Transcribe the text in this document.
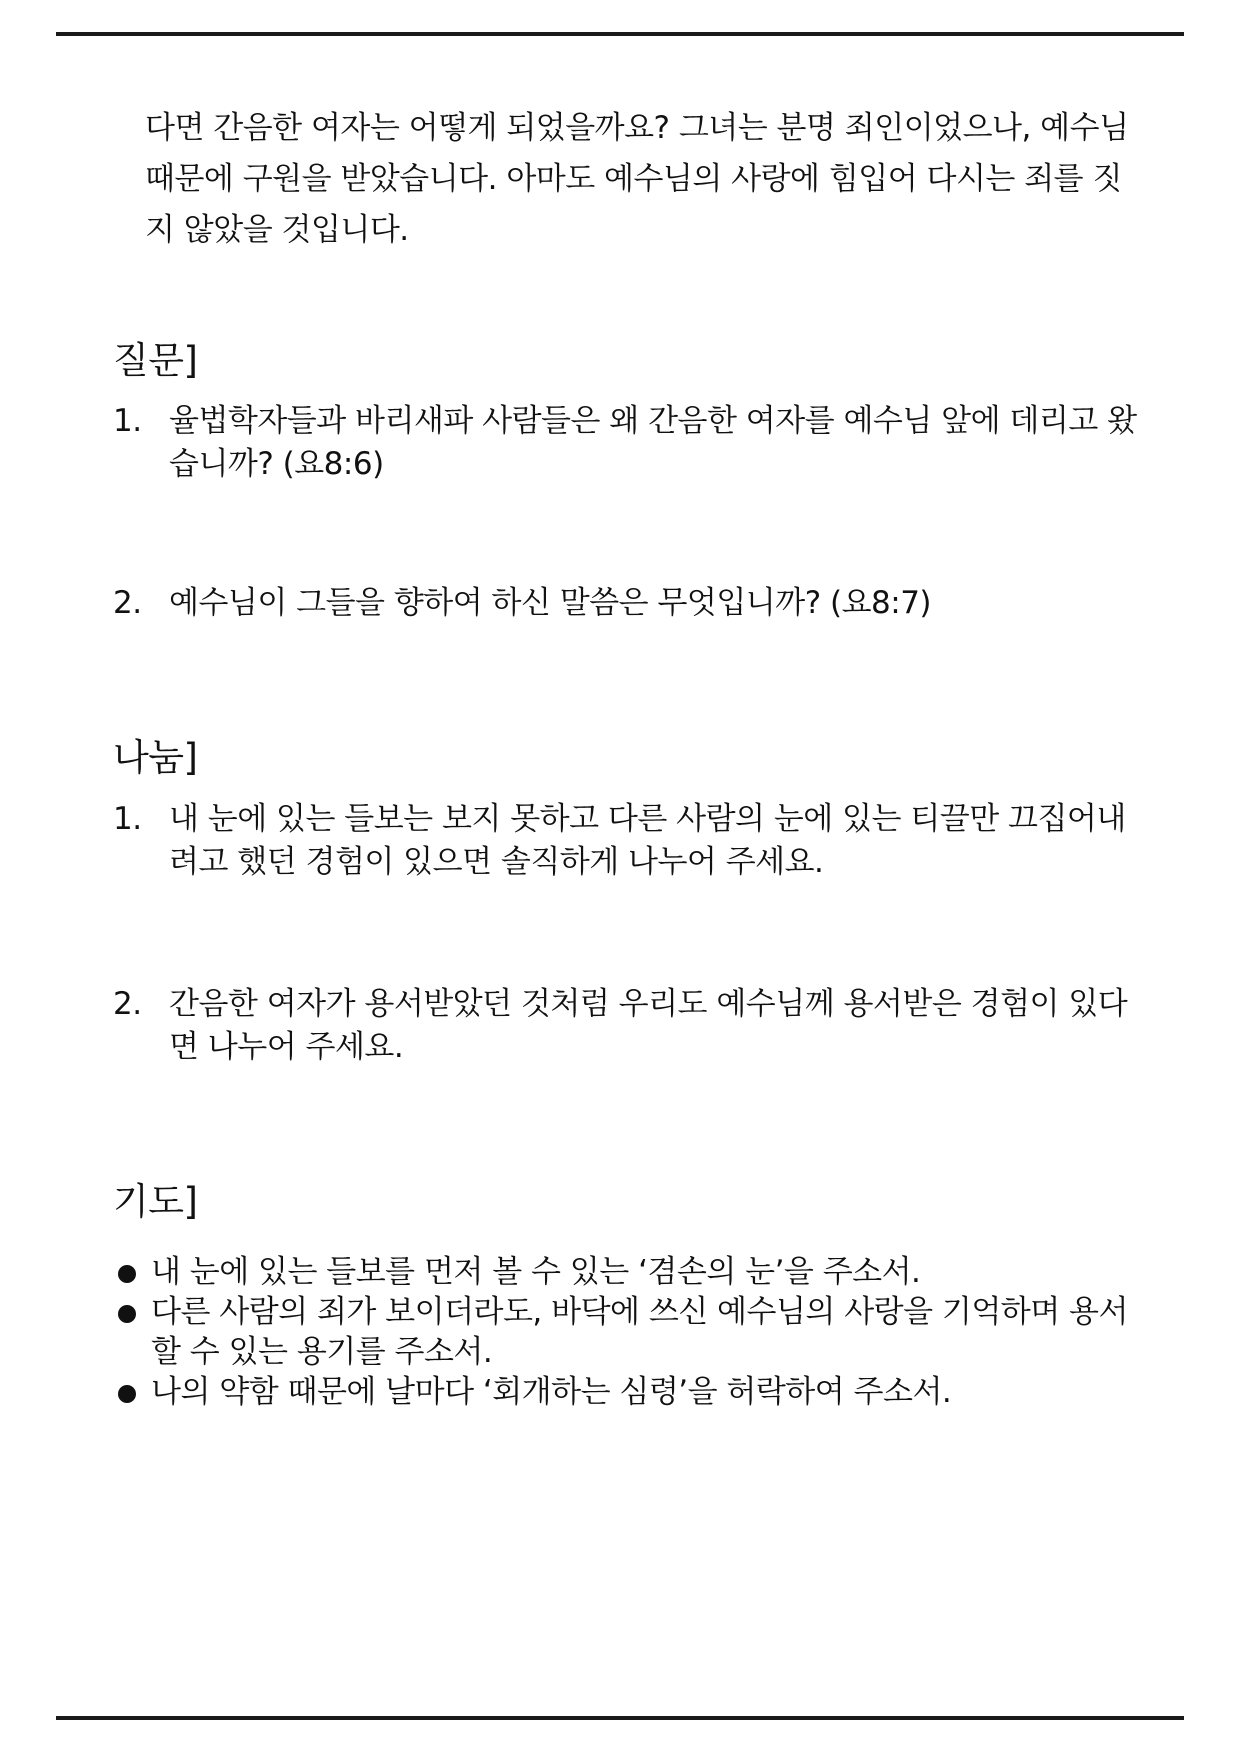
다면 간음한 여자는 어떻게 되었을까요? 그녀는 분명 죄인이었으나, 예수님 때문에 구원을 받았습니다. 아마도 예수님의 사랑에 힘입어 다시는 죄를 짓지 않았을 것입니다.

질문]
1. 율법학자들과 바리새파 사람들은 왜 간음한 여자를 예수님 앞에 데리고 왔습니까? (요8:6)
2. 예수님이 그들을 향하여 하신 말씀은 무엇입니까? (요8:7)
나눔]
1. 내 눈에 있는 들보는 보지 못하고 다른 사람의 눈에 있는 티끌만 끄집어내려고 했던 경험이 있으면 솔직하게 나누어 주세요.
2. 간음한 여자가 용서받았던 것처럼 우리도 예수님께 용서받은 경험이 있다면 나누어 주세요.
기도]
내 눈에 있는 들보를 먼저 볼 수 있는 ‘겸손의 눈’을 주소서.
다른 사람의 죄가 보이더라도, 바닥에 쓰신 예수님의 사랑을 기억하며 용서할 수 있는 용기를 주소서.
나의 약함 때문에 날마다 ‘회개하는 심령’을 허락하여 주소서.
